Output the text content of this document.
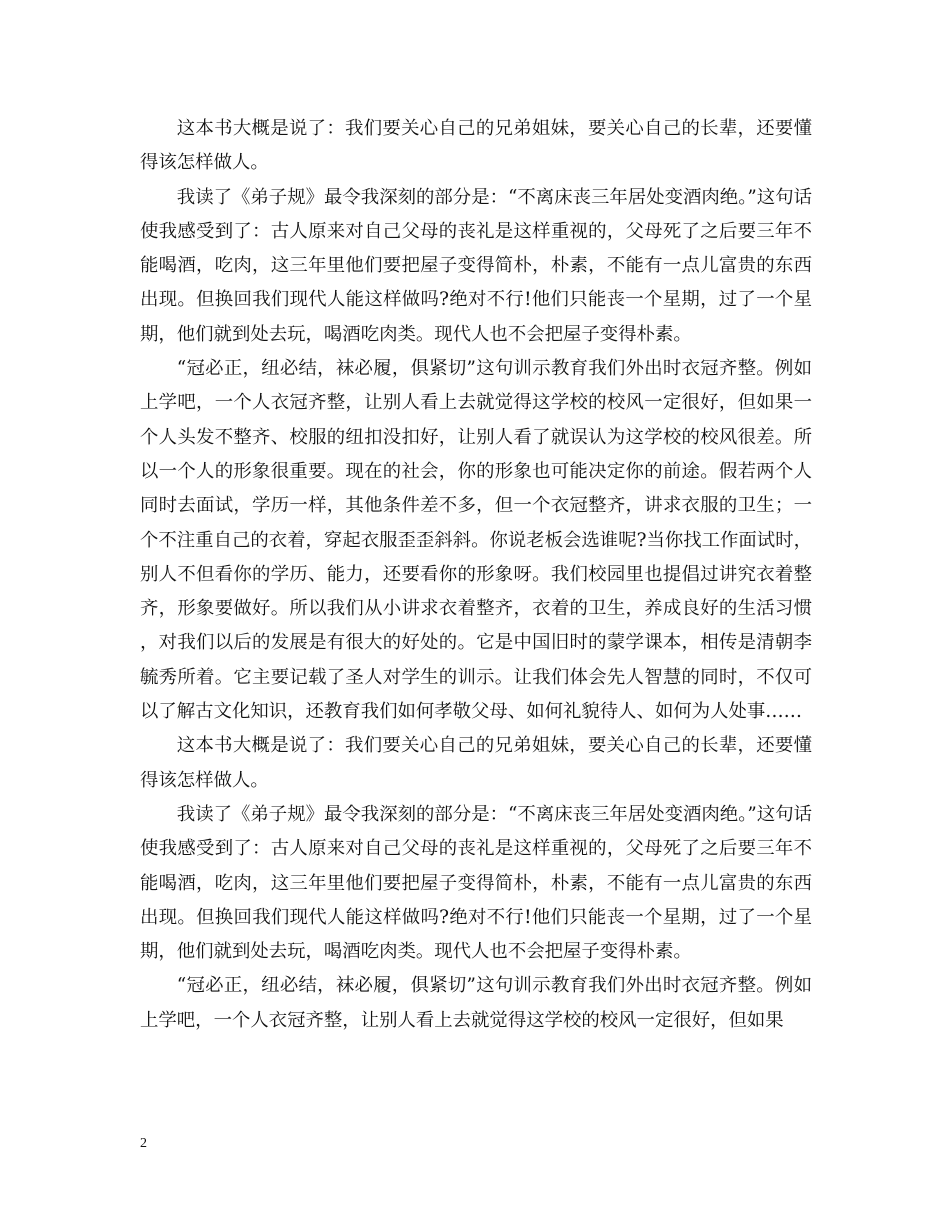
这本书大概是说了：我们要关心自己的兄弟姐妹，要关心自己的长辈，还要懂得该怎样做人。

我读了《弟子规》最令我深刻的部分是：“不离床丧三年居处变酒肉绝。”这句话使我感受到了：古人原来对自己父母的丧礼是这样重视的，父母死了之后要三年不能喝酒，吃肉，这三年里他们要把屋子变得简朴，朴素，不能有一点儿富贵的东西出现。但换回我们现代人能这样做吗?绝对不行!他们只能丧一个星期，过了一个星期，他们就到处去玩，喝酒吃肉类。现代人也不会把屋子变得朴素。

“冠必正，纽必结，袜必履，俱紧切”这句训示教育我们外出时衣冠齐整。例如上学吧，一个人衣冠齐整，让别人看上去就觉得这学校的校风一定很好，但如果一个人头发不整齐、校服的纽扣没扣好，让别人看了就误认为这学校的校风很差。所以一个人的形象很重要。现在的社会，你的形象也可能决定你的前途。假若两个人同时去面试，学历一样，其他条件差不多，但一个衣冠整齐，讲求衣服的卫生；一个不注重自己的衣着，穿起衣服歪歪斜斜。你说老板会选谁呢?当你找工作面试时，别人不但看你的学历、能力，还要看你的形象呀。我们校园里也提倡过讲究衣着整齐，形象要做好。所以我们从小讲求衣着整齐，衣着的卫生，养成良好的生活习惯，对我们以后的发展是有很大的好处的。它是中国旧时的蒙学课本，相传是清朝李毓秀所着。它主要记载了圣人对学生的训示。让我们体会先人智慧的同时，不仅可以了解古文化知识，还教育我们如何孝敬父母、如何礼貌待人、如何为人处事……

这本书大概是说了：我们要关心自己的兄弟姐妹，要关心自己的长辈，还要懂得该怎样做人。

我读了《弟子规》最令我深刻的部分是：“不离床丧三年居处变酒肉绝。”这句话使我感受到了：古人原来对自己父母的丧礼是这样重视的，父母死了之后要三年不能喝酒，吃肉，这三年里他们要把屋子变得简朴，朴素，不能有一点儿富贵的东西出现。但换回我们现代人能这样做吗?绝对不行!他们只能丧一个星期，过了一个星期，他们就到处去玩，喝酒吃肉类。现代人也不会把屋子变得朴素。

“冠必正，纽必结，袜必履，俱紧切”这句训示教育我们外出时衣冠齐整。例如上学吧，一个人衣冠齐整，让别人看上去就觉得这学校的校风一定很好，但如果

2
